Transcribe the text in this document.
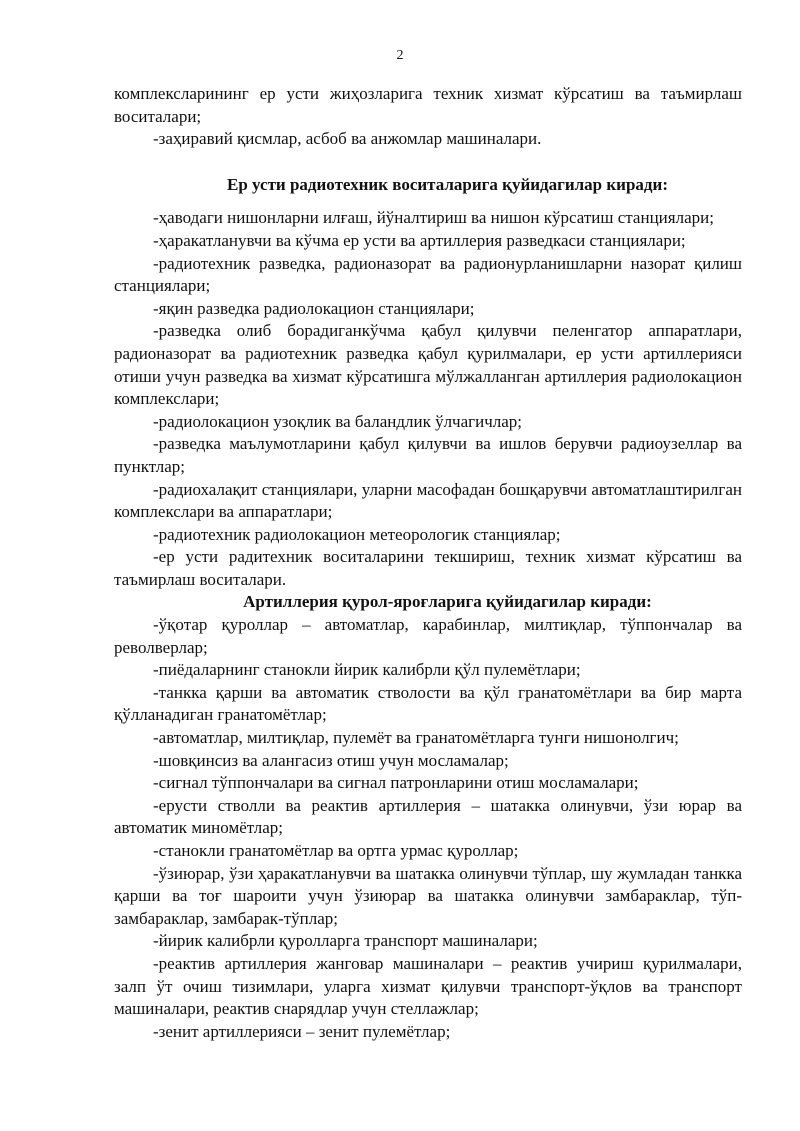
2

комплексларининг ер усти жиҳозларига техник хизмат кўрсатиш ва таъмирлаш воситалари;

-заҳиравий қисмлар, асбоб ва анжомлар машиналари.

Ер усти радиотехник воситаларига қуйидагилар киради:

-ҳаводаги нишонларни илғаш, йўналтириш ва нишон кўрсатиш станциялари;

-ҳаракатланувчи ва кўчма ер усти ва артиллерия разведкаси станциялари;

-радиотехник разведка, радионазорат ва радионурланишларни назорат қилиш станциялари;

-яқин разведка радиолокацион станциялари;

-разведка олиб борадиганкўчма қабул қилувчи пеленгатор аппаратлари, радионазорат ва радиотехник разведка қабул қурилмалари, ер усти артиллерияси отиши учун разведка ва хизмат кўрсатишга мўлжалланган артиллерия радиолокацион комплекслари;

-радиолокацион узоқлик ва баландлик ўлчагичлар;

-разведка маълумотларини қабул қилувчи ва ишлов берувчи радиоузеллар ва пунктлар;

-радиохалақит станциялари, уларни масофадан бошқарувчи автоматлаштирилган комплекслари ва аппаратлари;

-радиотехник радиолокацион метеорологик станциялар;

-ер усти радитехник воситаларини текшириш, техник хизмат кўрсатиш ва таъмирлаш воситалари.

Артиллерия қурол-яроғларига қуйидагилар киради:

-ўқотар қуроллар – автоматлар, карабинлар, милтиқлар, тўппончалар ва револверлар;

-пиёдаларнинг станокли йирик калибрли қўл пулемётлари;

-танкка қарши ва автоматик стволости ва қўл гранатомётлари ва бир марта қўлланадиган гранатомётлар;

-автоматлар, милтиқлар, пулемёт ва гранатомётларга тунги нишонолгич;

-шовқинсиз ва алангасиз отиш учун мосламалар;

-сигнал тўппончалари ва сигнал патронларини отиш мосламалари;

-ерусти стволли ва реактив артиллерия – шатакка олинувчи, ўзи юрар ва автоматик миномётлар;

-станокли гранатомётлар ва ортга урмас қуроллар;

-ўзиюрар, ўзи ҳаракатланувчи ва шатакка олинувчи тўплар, шу жумладан танкка қарши ва тоғ шароити учун ўзиюрар ва шатакка олинувчи замбараклар, тўп-замбараклар, замбарак-тўплар;

-йирик калибрли қуролларга транспорт машиналари;

-реактив артиллерия жанговар машиналари – реактив учириш қурилмалари, залп ўт очиш тизимлари, уларга хизмат қилувчи транспорт-ўқлов ва транспорт машиналари, реактив снарядлар учун стеллажлар;

-зенит артиллерияси – зенит пулемётлар;
